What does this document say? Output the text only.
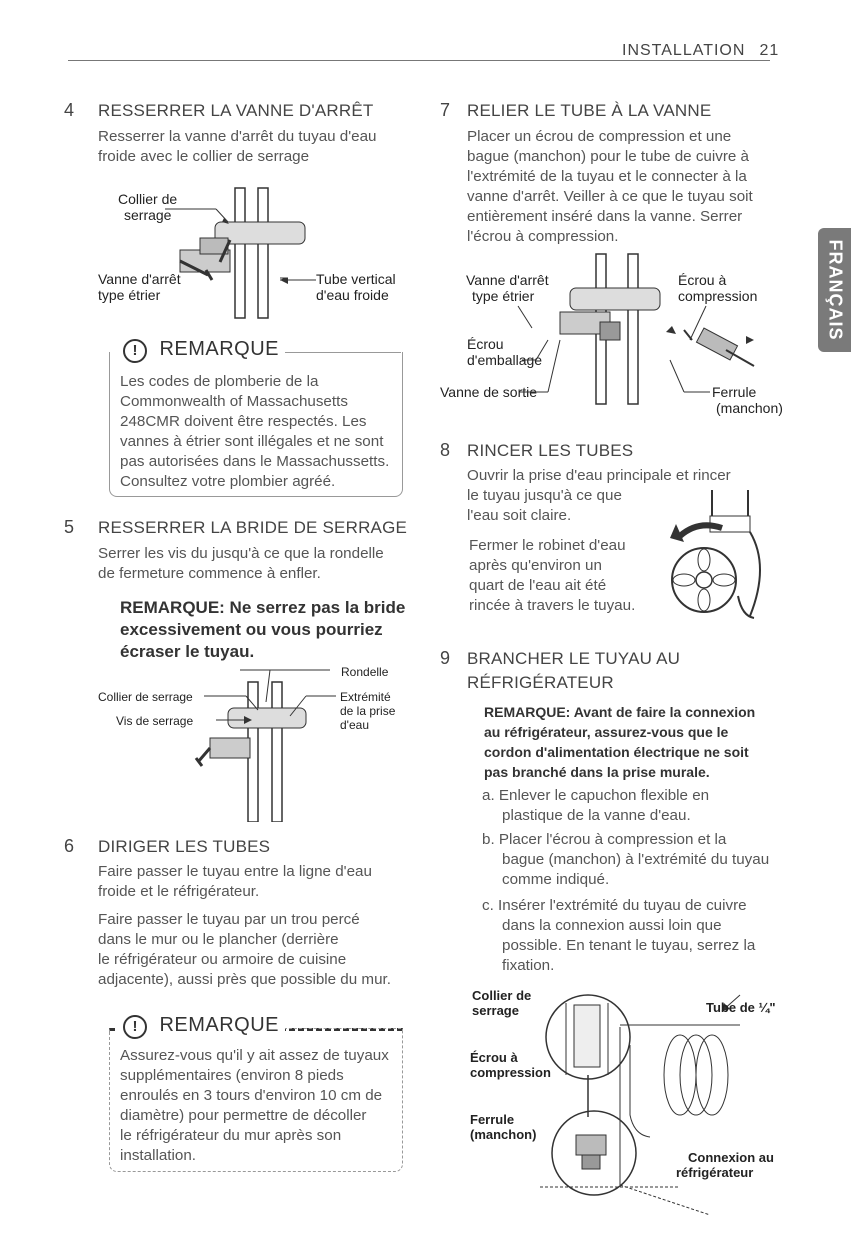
INSTALLATION 21
FRANÇAIS
4 RESSERRER LA VANNE D'ARRÊT
Resserrer la vanne d'arrêt du tuyau d'eau
froide avec le collier de serrage
Collier de
serrage
Vanne d'arrêt
type étrier
Tube vertical
d'eau froide
! REMARQUE
Les codes de plomberie de la
Commonwealth of Massachusetts
248CMR doivent être respectés. Les
vannes à étrier sont illégales et ne sont
pas autorisées dans le Massachussetts.
Consultez votre plombier agréé.
5 RESSERRER LA BRIDE DE SERRAGE
Serrer les vis du jusqu'à ce que la rondelle
de fermeture commence à enfler.
REMARQUE: Ne serrez pas la bride
excessivement ou vous pourriez
écraser le tuyau.
Rondelle
Collier de serrage	Extrémité
de la prise
d'eau
Vis de serrage
6 DIRIGER LES TUBES
Faire passer le tuyau entre la ligne d'eau
froide et le réfrigérateur.
Faire passer le tuyau par un trou percé
dans le mur ou le plancher (derrière
le réfrigérateur ou armoire de cuisine
adjacente), aussi près que possible du mur.
! REMARQUE
Assurez-vous qu'il y ait assez de tuyaux
supplémentaires (environ 8 pieds
enroulés en 3 tours d'environ 10 cm de
diamètre) pour permettre de décoller
le réfrigérateur du mur après son
installation.
7 RELIER LE TUBE À LA VANNE
Placer un écrou de compression et une
bague (manchon) pour le tube de cuivre à
l'extrémité de la tuyau et le connecter à la
vanne d'arrêt. Veiller à ce que le tuyau soit
entièrement inséré dans la vanne. Serrer
l'écrou à compression.
Vanne d'arrêt
type étrier
Écrou à
compression
Écrou
d'emballage
Vanne de sortie	Ferrule
(manchon)
8 RINCER LES TUBES
Ouvrir la prise d'eau principale et rincer
le tuyau jusqu'à ce que
l'eau soit claire.
Fermer le robinet d'eau
après qu'environ un
quart de l'eau ait été
rincée à travers le tuyau.
9 BRANCHER LE TUYAU AU
RÉFRIGÉRATEUR
REMARQUE: Avant de faire la connexion
au réfrigérateur, assurez-vous que le
cordon d'alimentation électrique ne soit
pas branché dans la prise murale.
a. Enlever le capuchon flexible en
plastique de la vanne d'eau.
b. Placer l'écrou à compression et la
bague (manchon) à l'extrémité du tuyau
comme indiqué.
c. Insérer l'extrémité du tuyau de cuivre
dans la connexion aussi loin que
possible. En tenant le tuyau, serrez la
fixation.
Collier de
serrage	Tube de ¼"
Écrou à
compression
Ferrule
(manchon)
Connexion au
réfrigérateur
